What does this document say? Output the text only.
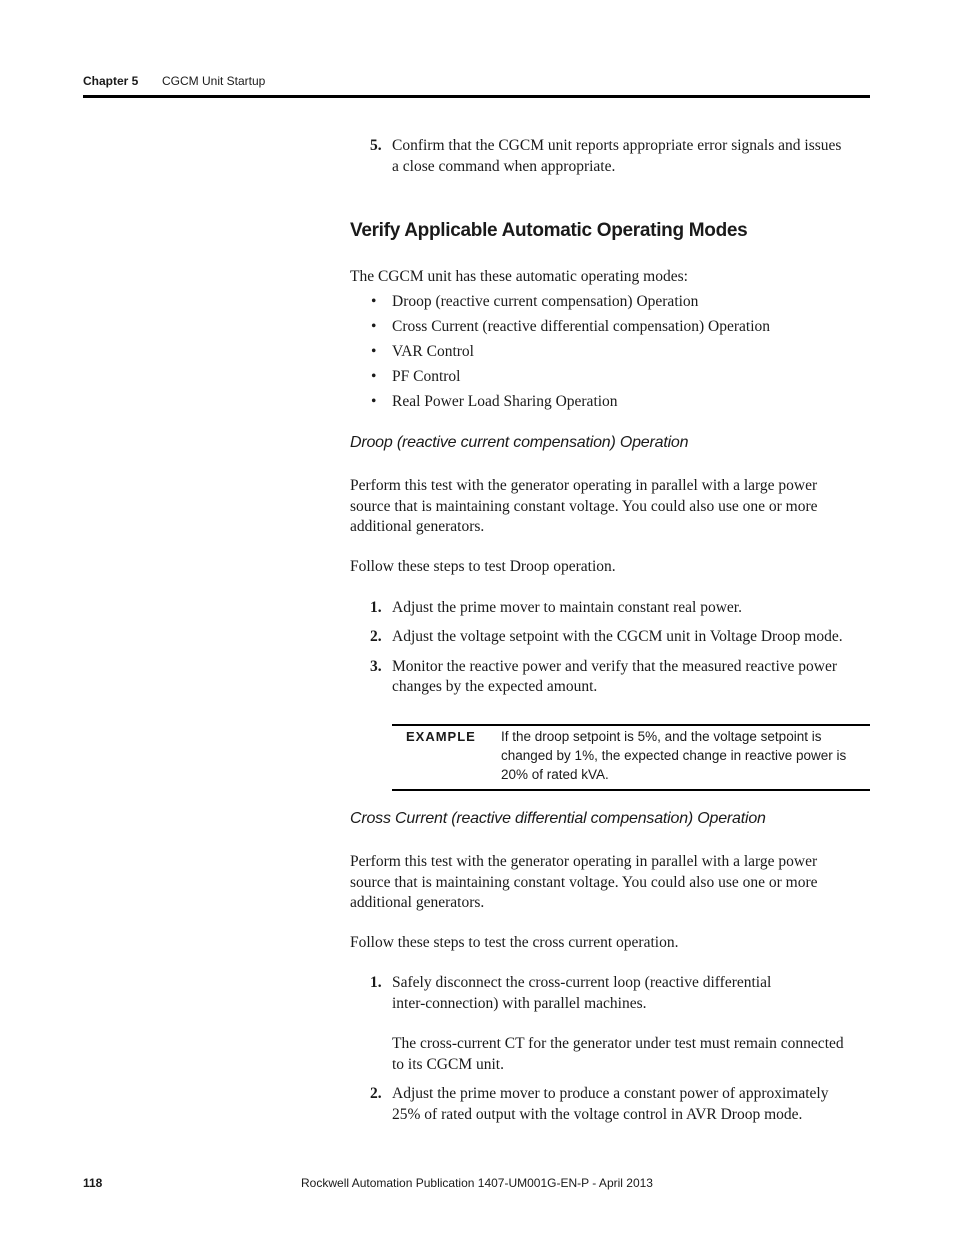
Chapter 5 CGCM Unit Startup
5. Confirm that the CGCM unit reports appropriate error signals and issues
a close command when appropriate.
Verify Applicable Automatic Operating Modes
The CGCM unit has these automatic operating modes:
• Droop (reactive current compensation) Operation
• Cross Current (reactive differential compensation) Operation
• VAR Control
• PF Control
• Real Power Load Sharing Operation
Droop (reactive current compensation) Operation
Perform this test with the generator operating in parallel with a large power
source that is maintaining constant voltage. You could also use one or more
additional generators.
Follow these steps to test Droop operation.
1. Adjust the prime mover to maintain constant real power.
2. Adjust the voltage setpoint with the CGCM unit in Voltage Droop mode.
3. Monitor the reactive power and verify that the measured reactive power
changes by the expected amount.
EXAMPLE If the droop setpoint is 5%, and the voltage setpoint is changed by 1%, the expected change in reactive power is 20% of rated kVA.
Cross Current (reactive differential compensation) Operation
Perform this test with the generator operating in parallel with a large power
source that is maintaining constant voltage. You could also use one or more
additional generators.
Follow these steps to test the cross current operation.
1. Safely disconnect the cross-current loop (reactive differential
inter-connection) with parallel machines.
The cross-current CT for the generator under test must remain connected
to its CGCM unit.
2. Adjust the prime mover to produce a constant power of approximately
25% of rated output with the voltage control in AVR Droop mode.
118	Rockwell Automation Publication 1407-UM001G-EN-P - April 2013
